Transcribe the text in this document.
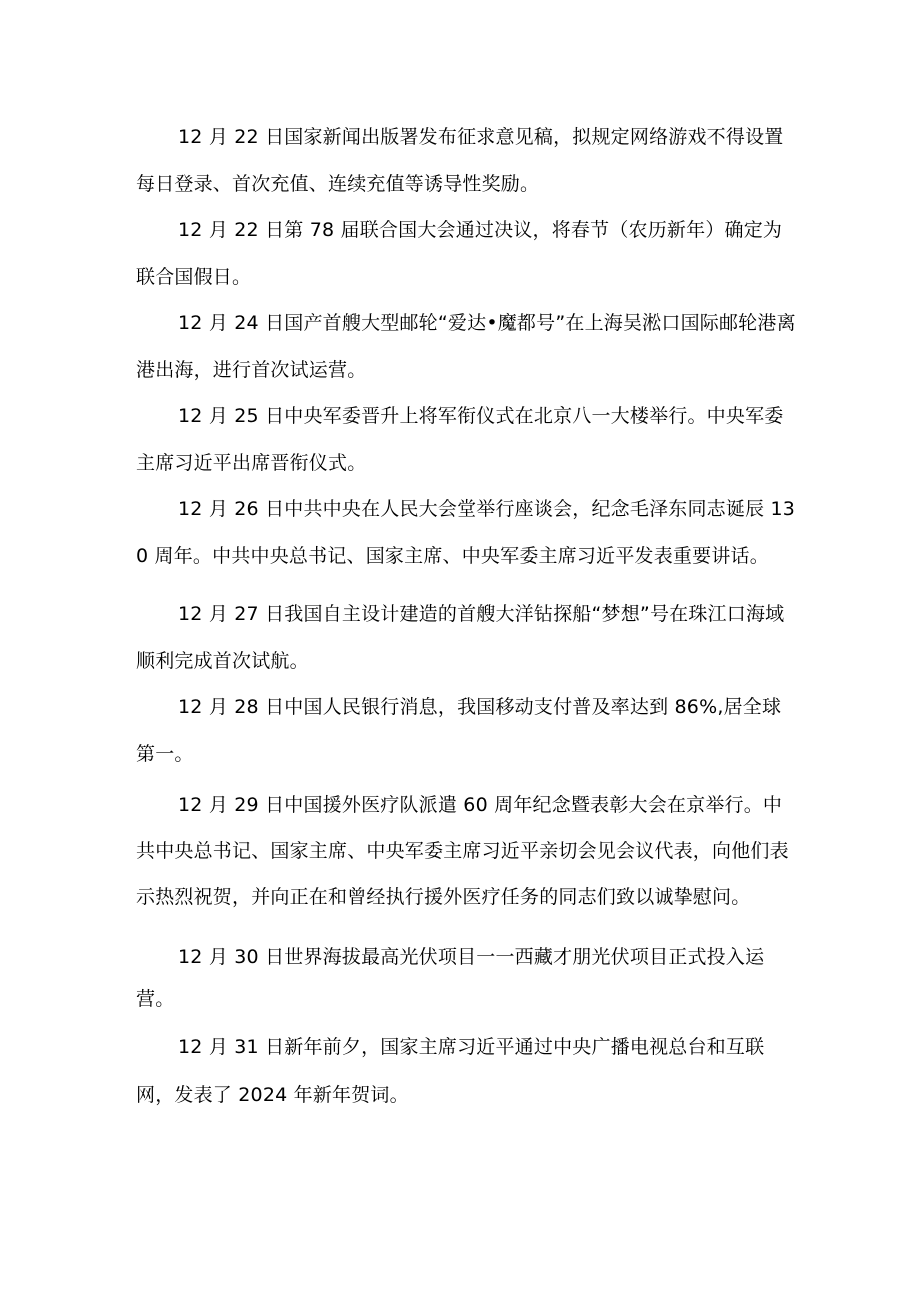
12 月 22 日国家新闻出版署发布征求意见稿，拟规定网络游戏不得设置每日登录、首次充值、连续充值等诱导性奖励。

12 月 22 日第 78 届联合国大会通过决议，将春节（农历新年）确定为联合国假日。

12 月 24 日国产首艘大型邮轮“爱达•魔都号”在上海吴淞口国际邮轮港离港出海，进行首次试运营。

12 月 25 日中央军委晋升上将军衔仪式在北京八一大楼举行。中央军委主席习近平出席晋衔仪式。

12 月 26 日中共中央在人民大会堂举行座谈会，纪念毛泽东同志诞辰 130 周年。中共中央总书记、国家主席、中央军委主席习近平发表重要讲话。

12 月 27 日我国自主设计建造的首艘大洋钻探船“梦想”号在珠江口海域顺利完成首次试航。

12 月 28 日中国人民银行消息，我国移动支付普及率达到 86%,居全球第一。

12 月 29 日中国援外医疗队派遣 60 周年纪念暨表彰大会在京举行。中共中央总书记、国家主席、中央军委主席习近平亲切会见会议代表，向他们表示热烈祝贺，并向正在和曾经执行援外医疗任务的同志们致以诚挚慰问。

12 月 30 日世界海拔最高光伏项目一一西藏才朋光伏项目正式投入运营。

12 月 31 日新年前夕，国家主席习近平通过中央广播电视总台和互联网，发表了 2024 年新年贺词。
